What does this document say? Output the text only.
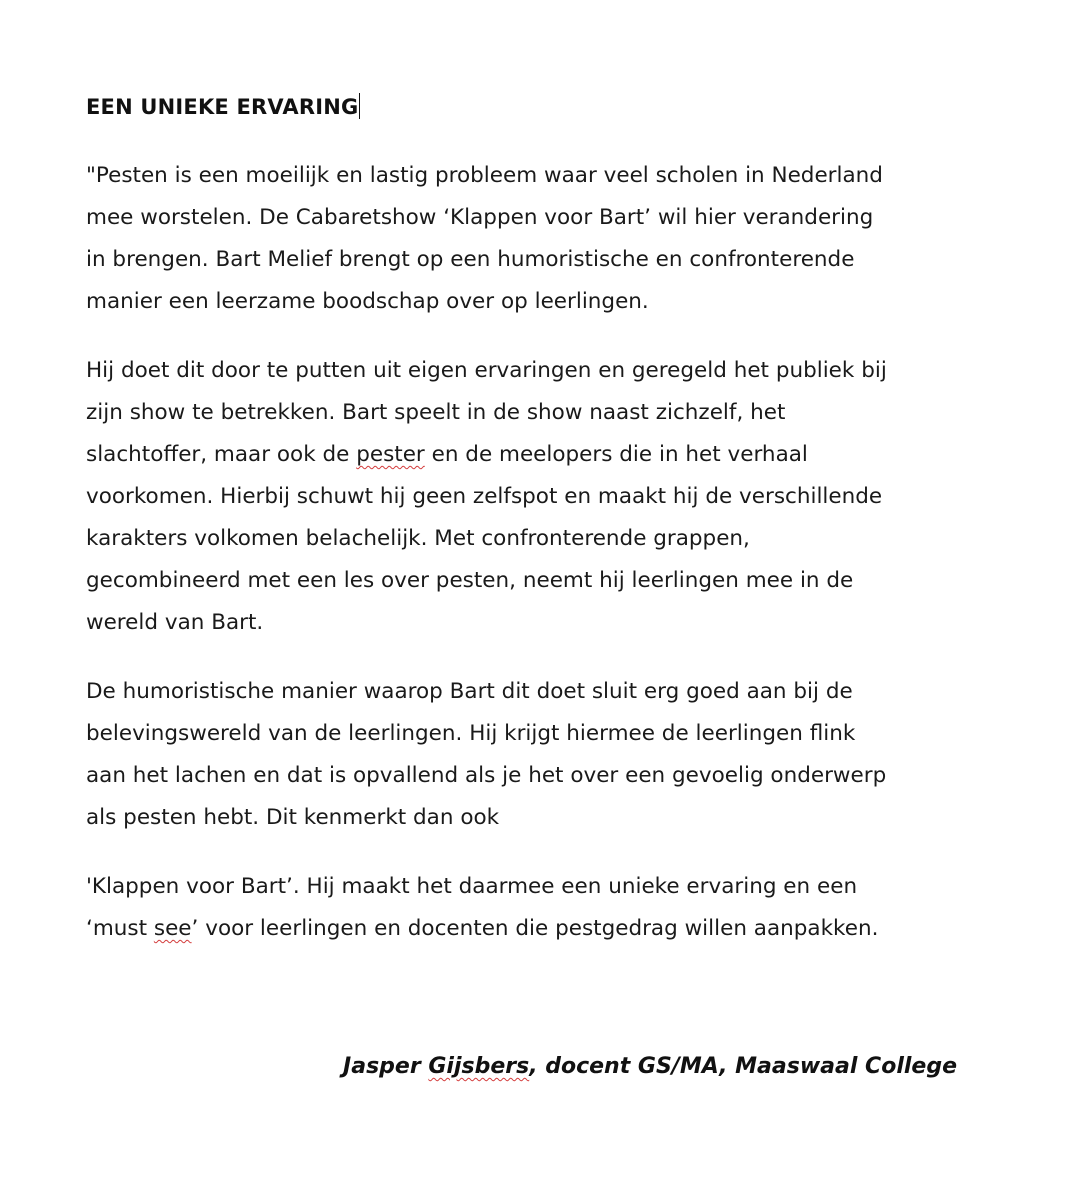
EEN UNIEKE ERVARING
"Pesten is een moeilijk en lastig probleem waar veel scholen in Nederland
mee worstelen. De Cabaretshow ‘Klappen voor Bart’ wil hier verandering
in brengen. Bart Melief brengt op een humoristische en confronterende
manier een leerzame boodschap over op leerlingen.
Hij doet dit door te putten uit eigen ervaringen en geregeld het publiek bij
zijn show te betrekken. Bart speelt in de show naast zichzelf, het
slachtoffer, maar ook de pester en de meelopers die in het verhaal
voorkomen. Hierbij schuwt hij geen zelfspot en maakt hij de verschillende
karakters volkomen belachelijk. Met confronterende grappen,
gecombineerd met een les over pesten, neemt hij leerlingen mee in de
wereld van Bart.
De humoristische manier waarop Bart dit doet sluit erg goed aan bij de
belevingswereld van de leerlingen. Hij krijgt hiermee de leerlingen flink
aan het lachen en dat is opvallend als je het over een gevoelig onderwerp
als pesten hebt. Dit kenmerkt dan ook
'Klappen voor Bart’. Hij maakt het daarmee een unieke ervaring en een
‘must see’ voor leerlingen en docenten die pestgedrag willen aanpakken.
Jasper Gijsbers, docent GS/MA, Maaswaal College
